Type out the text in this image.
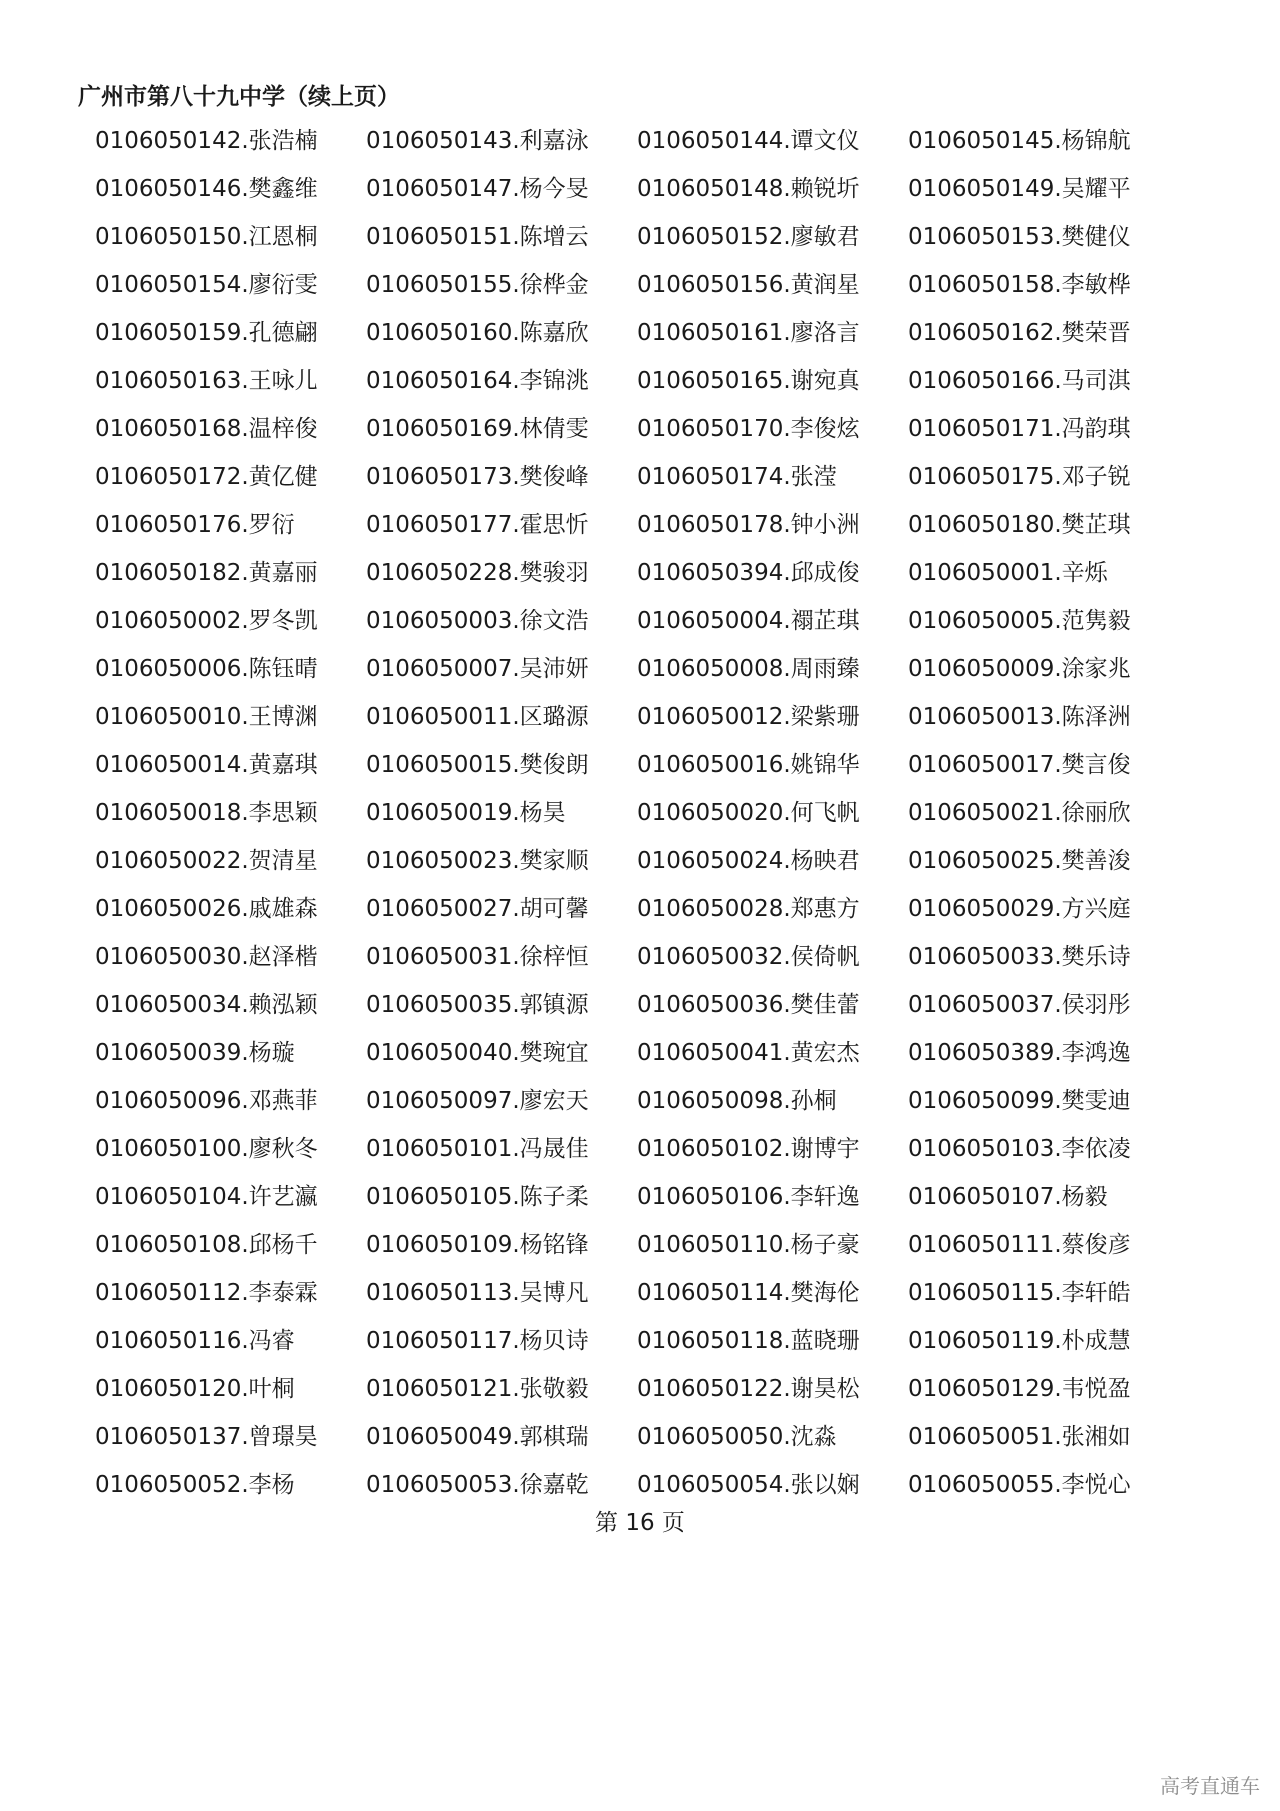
广州市第八十九中学（续上页）
0106050142.张浩楠	0106050143.利嘉泳	0106050144.谭文仪	0106050145.杨锦航
0106050146.樊鑫维	0106050147.杨今旻	0106050148.赖锐圻	0106050149.吴耀平
0106050150.江恩桐	0106050151.陈增云	0106050152.廖敏君	0106050153.樊健仪
0106050154.廖衍雯	0106050155.徐桦金	0106050156.黄润星	0106050158.李敏桦
0106050159.孔德翩	0106050160.陈嘉欣	0106050161.廖洛言	0106050162.樊荣晋
0106050163.王咏儿	0106050164.李锦洮	0106050165.谢宛真	0106050166.马司淇
0106050168.温梓俊	0106050169.林倩雯	0106050170.李俊炫	0106050171.冯韵琪
0106050172.黄亿健	0106050173.樊俊峰	0106050174.张滢	0106050175.邓子锐
0106050176.罗衍	0106050177.霍思忻	0106050178.钟小洲	0106050180.樊芷琪
0106050182.黄嘉丽	0106050228.樊骏羽	0106050394.邱成俊	0106050001.辛烁
0106050002.罗冬凯	0106050003.徐文浩	0106050004.禤芷琪	0106050005.范隽毅
0106050006.陈钰晴	0106050007.吴沛妍	0106050008.周雨臻	0106050009.涂家兆
0106050010.王博渊	0106050011.区璐源	0106050012.梁紫珊	0106050013.陈泽洲
0106050014.黄嘉琪	0106050015.樊俊朗	0106050016.姚锦华	0106050017.樊言俊
0106050018.李思颖	0106050019.杨昊	0106050020.何飞帆	0106050021.徐丽欣
0106050022.贺清星	0106050023.樊家顺	0106050024.杨映君	0106050025.樊善浚
0106050026.戚雄森	0106050027.胡可馨	0106050028.郑惠方	0106050029.方兴庭
0106050030.赵泽楷	0106050031.徐梓恒	0106050032.侯倚帆	0106050033.樊乐诗
0106050034.赖泓颖	0106050035.郭镇源	0106050036.樊佳蕾	0106050037.侯羽彤
0106050039.杨璇	0106050040.樊琬宜	0106050041.黄宏杰	0106050389.李鸿逸
0106050096.邓燕菲	0106050097.廖宏天	0106050098.孙桐	0106050099.樊雯迪
0106050100.廖秋冬	0106050101.冯晟佳	0106050102.谢博宇	0106050103.李依凌
0106050104.许艺瀛	0106050105.陈子柔	0106050106.李轩逸	0106050107.杨毅
0106050108.邱杨千	0106050109.杨铭锋	0106050110.杨子豪	0106050111.蔡俊彦
0106050112.李泰霖	0106050113.吴博凡	0106050114.樊海伦	0106050115.李轩皓
0106050116.冯睿	0106050117.杨贝诗	0106050118.蓝晓珊	0106050119.朴成慧
0106050120.叶桐	0106050121.张敬毅	0106050122.谢昊松	0106050129.韦悦盈
0106050137.曾璟昊	0106050049.郭棋瑞	0106050050.沈淼	0106050051.张湘如
0106050052.李杨	0106050053.徐嘉乾	0106050054.张以娴	0106050055.李悦心
第 16 页
高考直通车
